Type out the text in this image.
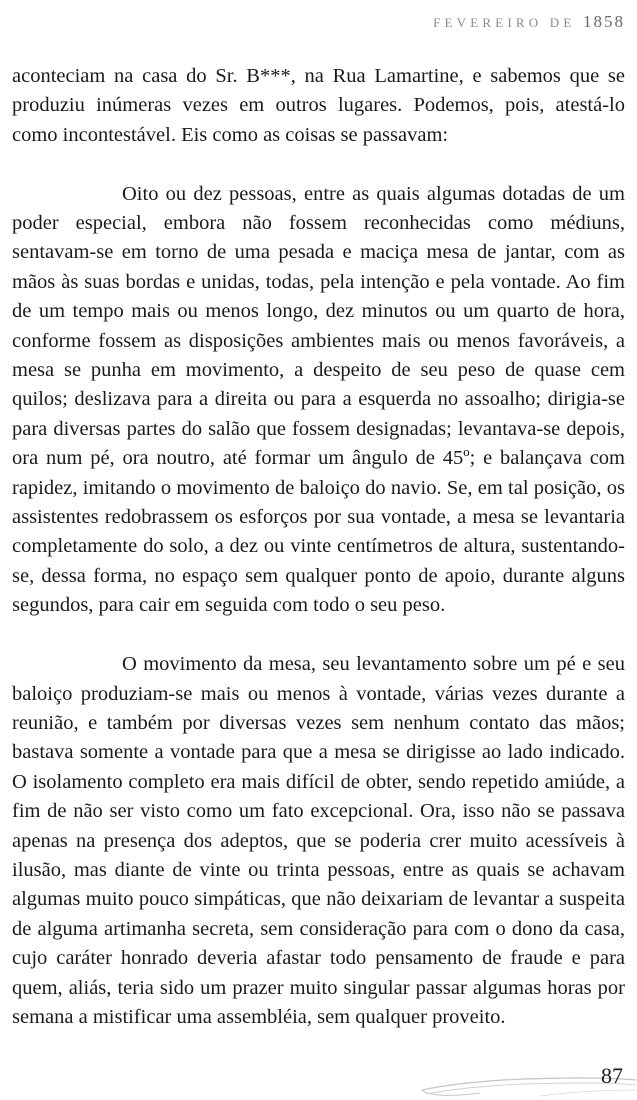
FEVEREIRO DE 1858

aconteciam na casa do Sr. B***, na Rua Lamartine, e sabemos que se produziu inúmeras vezes em outros lugares. Podemos, pois, atestá-lo como incontestável. Eis como as coisas se passavam:

Oito ou dez pessoas, entre as quais algumas dotadas de um poder especial, embora não fossem reconhecidas como médiuns, sentavam-se em torno de uma pesada e maciça mesa de jantar, com as mãos às suas bordas e unidas, todas, pela intenção e pela vontade. Ao fim de um tempo mais ou menos longo, dez minutos ou um quarto de hora, conforme fossem as disposições ambientes mais ou menos favoráveis, a mesa se punha em movimento, a despeito de seu peso de quase cem quilos; deslizava para a direita ou para a esquerda no assoalho; dirigia-se para diversas partes do salão que fossem designadas; levantava-se depois, ora num pé, ora noutro, até formar um ângulo de 45º; e balançava com rapidez, imitando o movimento de baloiço do navio. Se, em tal posição, os assistentes redobrassem os esforços por sua vontade, a mesa se levantaria completamente do solo, a dez ou vinte centímetros de altura, sustentando-se, dessa forma, no espaço sem qualquer ponto de apoio, durante alguns segundos, para cair em seguida com todo o seu peso.

O movimento da mesa, seu levantamento sobre um pé e seu baloiço produziam-se mais ou menos à vontade, várias vezes durante a reunião, e também por diversas vezes sem nenhum contato das mãos; bastava somente a vontade para que a mesa se dirigisse ao lado indicado. O isolamento completo era mais difícil de obter, sendo repetido amiúde, a fim de não ser visto como um fato excepcional. Ora, isso não se passava apenas na presença dos adeptos, que se poderia crer muito acessíveis à ilusão, mas diante de vinte ou trinta pessoas, entre as quais se achavam algumas muito pouco simpáticas, que não deixariam de levantar a suspeita de alguma artimanha secreta, sem consideração para com o dono da casa, cujo caráter honrado deveria afastar todo pensamento de fraude e para quem, aliás, teria sido um prazer muito singular passar algumas horas por semana a mistificar uma assembléia, sem qualquer proveito.

87
